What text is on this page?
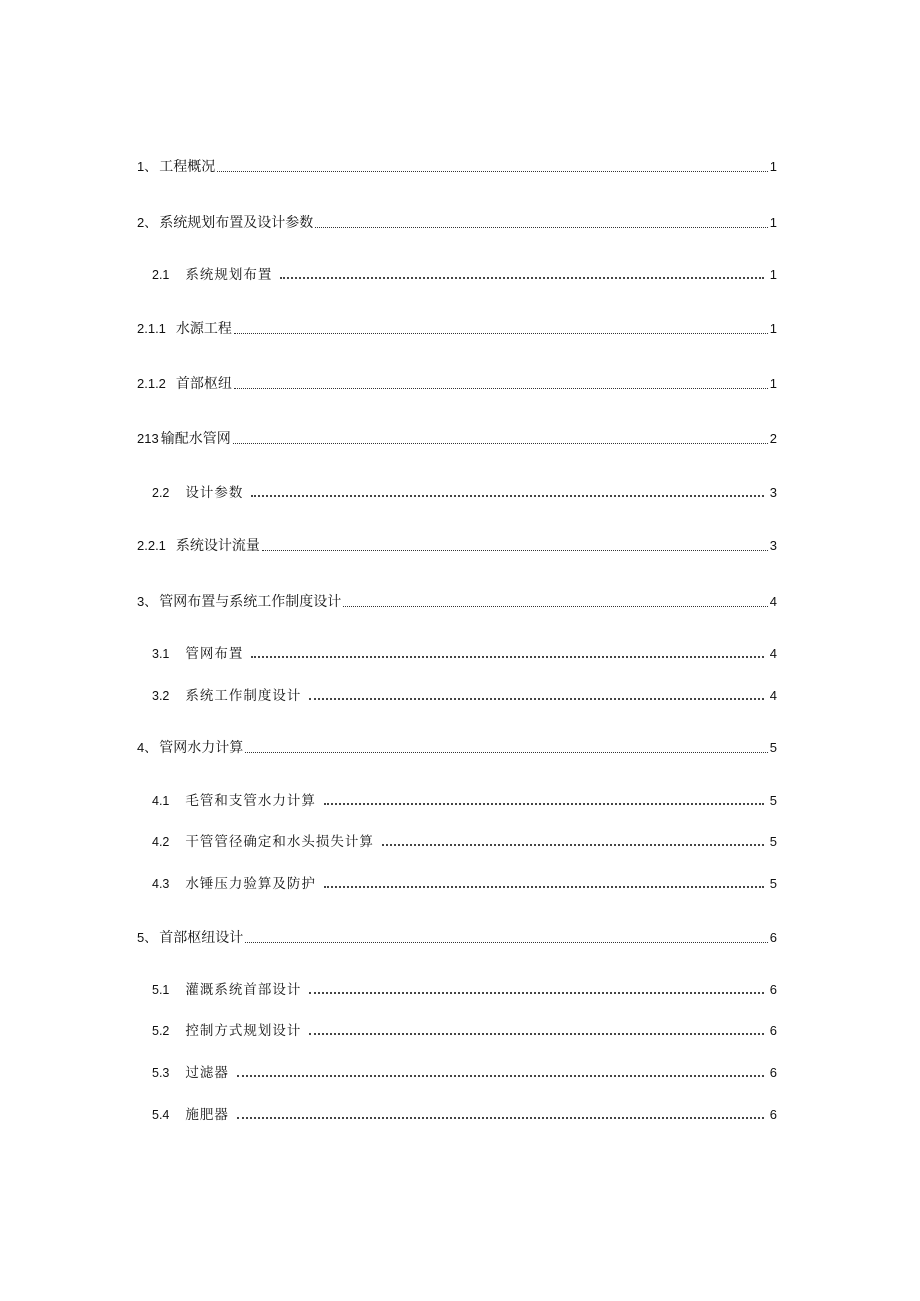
1、 工程概况	1
2、 系统规划布置及设计参数	1
2.1 系统规划布置	1
2.1.1 水源工程	1
2.1.2 首部枢纽	1
213 输配水管网	2
2.2 设计参数	3
2.2.1 系统设计流量	3
3、 管网布置与系统工作制度设计	4
3.1 管网布置	4
3.2 系统工作制度设计	4
4、 管网水力计算	5
4.1 毛管和支管水力计算	5
4.2 干管管径确定和水头损失计算	5
4.3 水锤压力验算及防护	5
5、 首部枢纽设计	6
5.1 灌溉系统首部设计	6
5.2 控制方式规划设计	6
5.3 过滤器	6
5.4 施肥器	6
